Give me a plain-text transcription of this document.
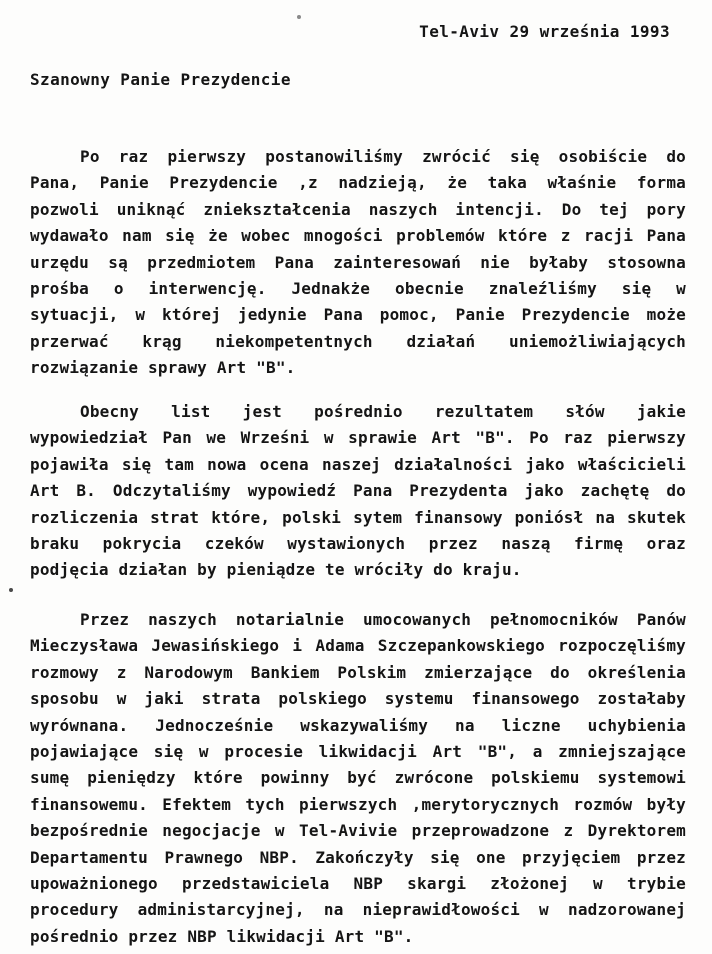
Tel-Aviv 29 września 1993
Szanowny Panie Prezydencie
Po raz pierwszy postanowiliśmy zwrócić się osobiście do
Pana, Panie Prezydencie ,z nadzieją, że taka właśnie forma
pozwoli uniknąć zniekształcenia naszych intencji. Do tej pory
wydawało nam się że wobec mnogości problemów które z racji Pana
urzędu są przedmiotem Pana zainteresowań nie byłaby stosowna
prośba o interwencję. Jednakże obecnie znaleźliśmy się w
sytuacji, w której jedynie Pana pomoc, Panie Prezydencie może
przerwać krąg niekompetentnych działań uniemożliwiających
rozwiązanie sprawy Art "B".
Obecny list jest pośrednio rezultatem słów jakie
wypowiedział Pan we Wrześni w sprawie Art "B". Po raz pierwszy
pojawiła się tam nowa ocena naszej działalności jako właścicieli
Art B. Odczytaliśmy wypowiedź Pana Prezydenta jako zachętę do
rozliczenia strat które, polski sytem finansowy poniósł na skutek
braku pokrycia czeków wystawionych przez naszą firmę oraz
podjęcia działan by pieniądze te wróciły do kraju.
Przez naszych notarialnie umocowanych pełnomocników Panów
Mieczysława Jewasińskiego i Adama Szczepankowskiego rozpoczęliśmy
rozmowy z Narodowym Bankiem Polskim zmierzające do określenia
sposobu w jaki strata polskiego systemu finansowego zostałaby
wyrównana. Jednocześnie wskazywaliśmy na liczne uchybienia
pojawiające się w procesie likwidacji Art "B", a zmniejszające
sumę pieniędzy które powinny być zwrócone polskiemu systemowi
finansowemu. Efektem tych pierwszych ,merytorycznych rozmów były
bezpośrednie negocjacje w Tel-Avivie przeprowadzone z Dyrektorem
Departamentu Prawnego NBP. Zakończyły się one przyjęciem przez
upoważnionego przedstawiciela NBP skargi złożonej w trybie
procedury administarcyjnej, na nieprawidłowości w nadzorowanej
pośrednio przez NBP likwidacji Art "B".
